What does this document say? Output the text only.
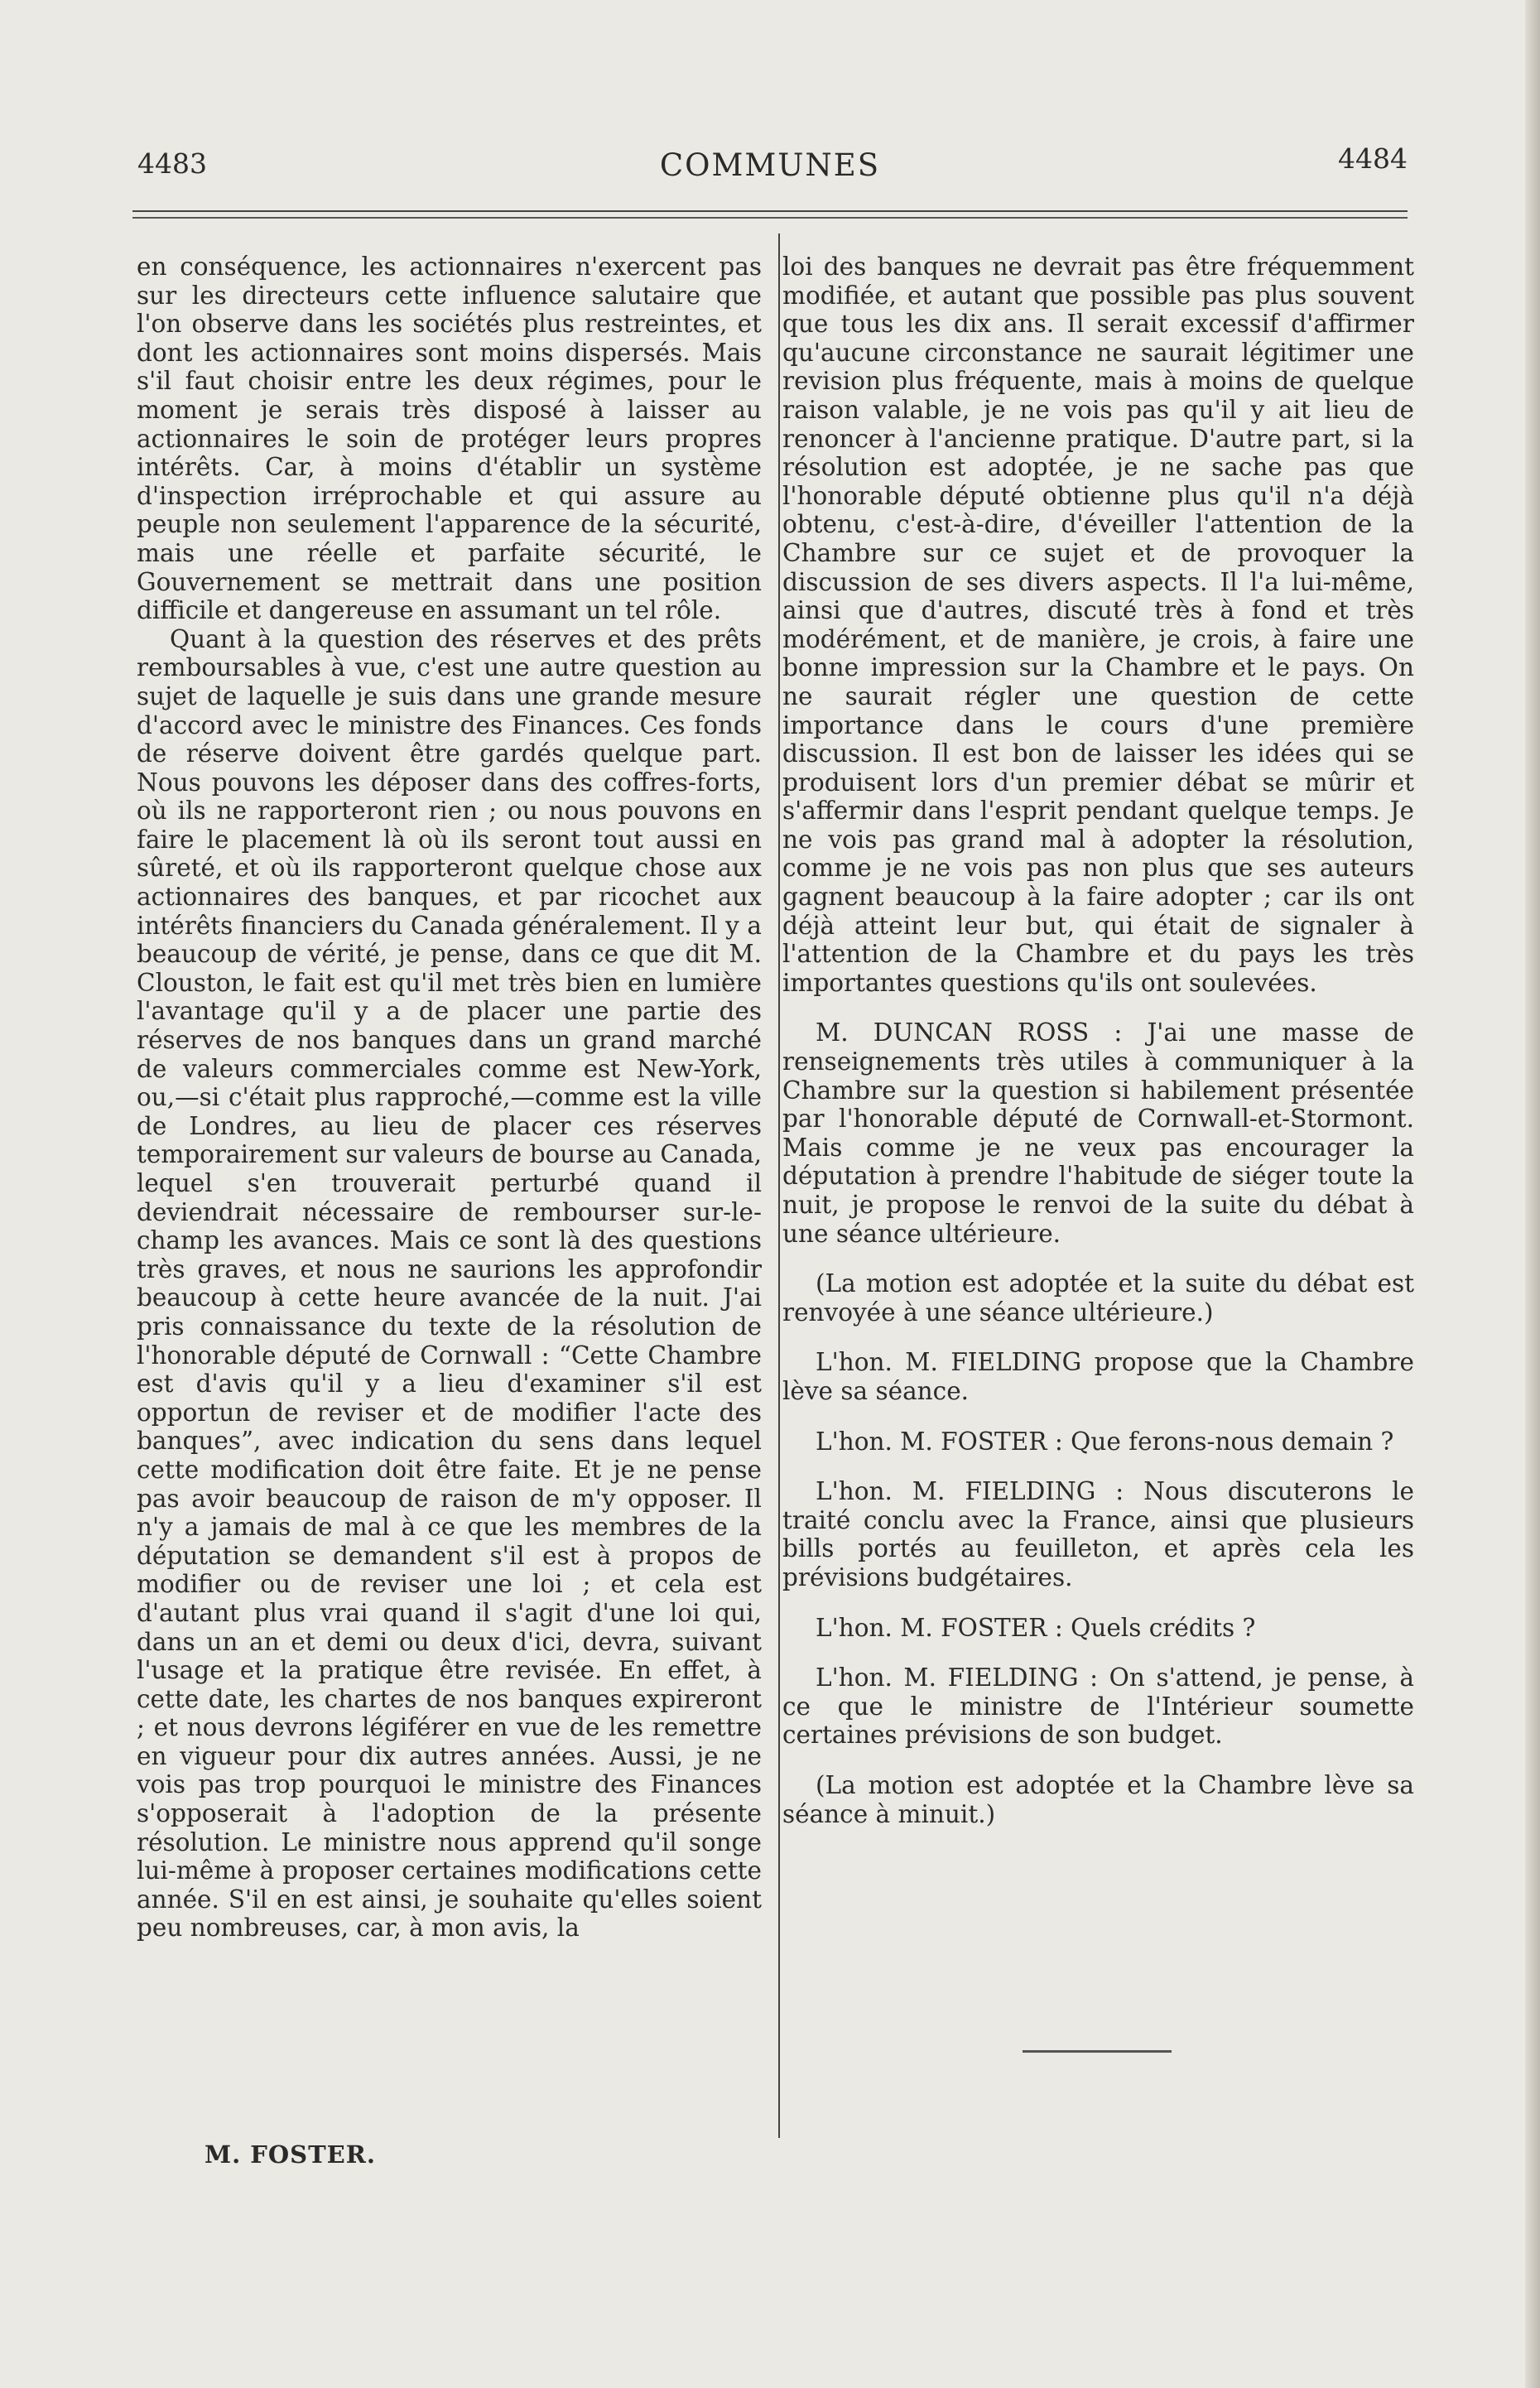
4483	COMMUNES	4484

en conséquence, les actionnaires n'exercent pas sur les directeurs cette influence salutaire que l'on observe dans les sociétés plus restreintes, et dont les actionnaires sont moins dispersés. Mais s'il faut choisir entre les deux régimes, pour le moment je serais très disposé à laisser au actionnaires le soin de protéger leurs propres intérêts. Car, à moins d'établir un système d'inspection irréprochable et qui assure au peuple non seulement l'apparence de la sécurité, mais une réelle et parfaite sécurité, le Gouvernement se mettrait dans une position difficile et dangereuse en assumant un tel rôle.

Quant à la question des réserves et des prêts remboursables à vue, c'est une autre question au sujet de laquelle je suis dans une grande mesure d'accord avec le ministre des Finances. Ces fonds de réserve doivent être gardés quelque part. Nous pouvons les déposer dans des coffres-forts, où ils ne rapporteront rien ; ou nous pouvons en faire le placement là où ils seront tout aussi en sûreté, et où ils rapporteront quelque chose aux actionnaires des banques, et par ricochet aux intérêts financiers du Canada généralement. Il y a beaucoup de vérité, je pense, dans ce que dit M. Clouston, le fait est qu'il met très bien en lumière l'avantage qu'il y a de placer une partie des réserves de nos banques dans un grand marché de valeurs commerciales comme est New-York, ou,—si c'était plus rapproché,—comme est la ville de Londres, au lieu de placer ces réserves temporairement sur valeurs de bourse au Canada, lequel s'en trouverait perturbé quand il deviendrait nécessaire de rembourser sur-le-champ les avances. Mais ce sont là des questions très graves, et nous ne saurions les approfondir beaucoup à cette heure avancée de la nuit. J'ai pris connaissance du texte de la résolution de l'honorable député de Cornwall : “Cette Chambre est d'avis qu'il y a lieu d'examiner s'il est opportun de reviser et de modifier l'acte des banques”, avec indication du sens dans lequel cette modification doit être faite. Et je ne pense pas avoir beaucoup de raison de m'y opposer. Il n'y a jamais de mal à ce que les membres de la députation se demandent s'il est à propos de modifier ou de reviser une loi ; et cela est d'autant plus vrai quand il s'agit d'une loi qui, dans un an et demi ou deux d'ici, devra, suivant l'usage et la pratique être revisée. En effet, à cette date, les chartes de nos banques expireront ; et nous devrons légiférer en vue de les remettre en vigueur pour dix autres années. Aussi, je ne vois pas trop pourquoi le ministre des Finances s'opposerait à l'adoption de la présente résolution. Le ministre nous apprend qu'il songe lui-même à proposer certaines modifications cette année. S'il en est ainsi, je souhaite qu'elles soient peu nombreuses, car, à mon avis, la

M. FOSTER.

loi des banques ne devrait pas être fréquemment modifiée, et autant que possible pas plus souvent que tous les dix ans. Il serait excessif d'affirmer qu'aucune circonstance ne saurait légitimer une revision plus fréquente, mais à moins de quelque raison valable, je ne vois pas qu'il y ait lieu de renoncer à l'ancienne pratique. D'autre part, si la résolution est adoptée, je ne sache pas que l'honorable député obtienne plus qu'il n'a déjà obtenu, c'est-à-dire, d'éveiller l'attention de la Chambre sur ce sujet et de provoquer la discussion de ses divers aspects. Il l'a lui-même, ainsi que d'autres, discuté très à fond et très modérément, et de manière, je crois, à faire une bonne impression sur la Chambre et le pays. On ne saurait régler une question de cette importance dans le cours d'une première discussion. Il est bon de laisser les idées qui se produisent lors d'un premier débat se mûrir et s'affermir dans l'esprit pendant quelque temps. Je ne vois pas grand mal à adopter la résolution, comme je ne vois pas non plus que ses auteurs gagnent beaucoup à la faire adopter ; car ils ont déjà atteint leur but, qui était de signaler à l'attention de la Chambre et du pays les très importantes questions qu'ils ont soulevées.

M. DUNCAN ROSS : J'ai une masse de renseignements très utiles à communiquer à la Chambre sur la question si habilement présentée par l'honorable député de Cornwall-et-Stormont. Mais comme je ne veux pas encourager la députation à prendre l'habitude de siéger toute la nuit, je propose le renvoi de la suite du débat à une séance ultérieure.

(La motion est adoptée et la suite du débat est renvoyée à une séance ultérieure.)

L'hon. M. FIELDING propose que la Chambre lève sa séance.

L'hon. M. FOSTER : Que ferons-nous demain ?

L'hon. M. FIELDING : Nous discuterons le traité conclu avec la France, ainsi que plusieurs bills portés au feuilleton, et après cela les prévisions budgétaires.

L'hon. M. FOSTER : Quels crédits ?

L'hon. M. FIELDING : On s'attend, je pense, à ce que le ministre de l'Intérieur soumette certaines prévisions de son budget.

(La motion est adoptée et la Chambre lève sa séance à minuit.)
